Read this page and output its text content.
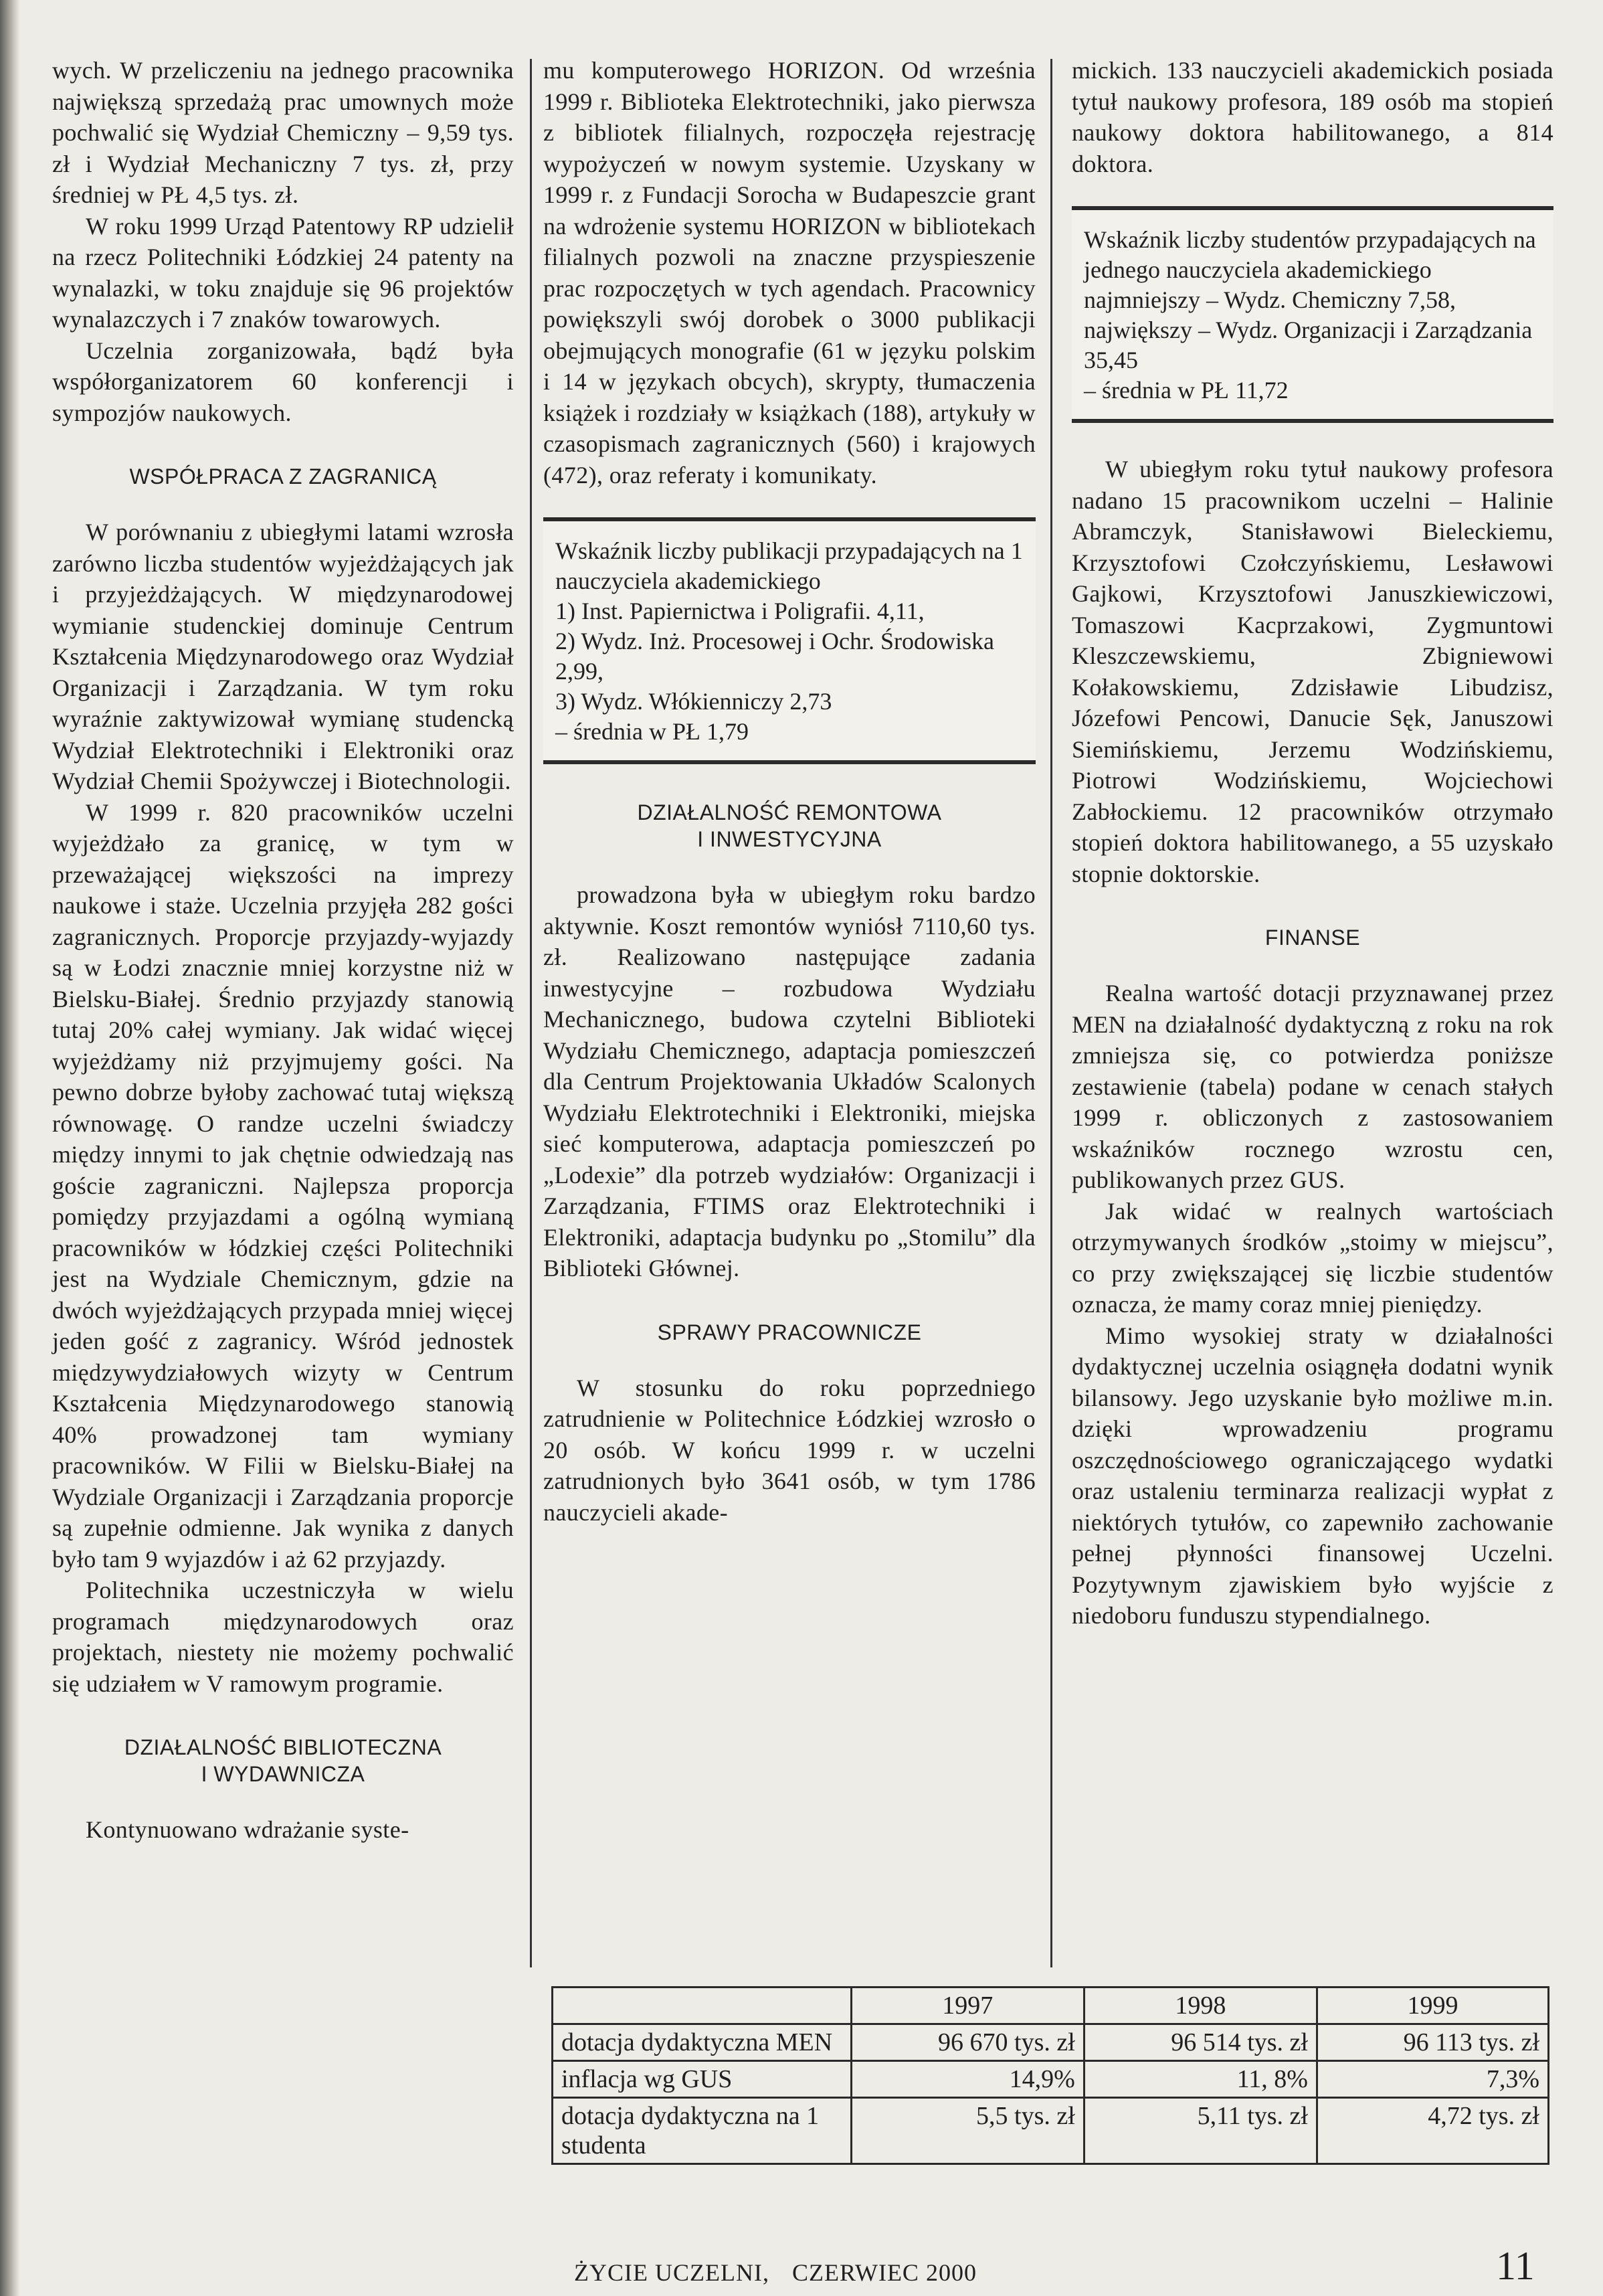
wych. W przeliczeniu na jednego pracownika największą sprzedażą prac umownych może pochwalić się Wydział Chemiczny – 9,59 tys. zł i Wydział Mechaniczny 7 tys. zł, przy średniej w PŁ 4,5 tys. zł.

W roku 1999 Urząd Patentowy RP udzielił na rzecz Politechniki Łódzkiej 24 patenty na wynalazki, w toku znajduje się 96 projektów wynalazczych i 7 znaków towarowych.

Uczelnia zorganizowała, bądź była współorganizatorem 60 konferencji i sympozjów naukowych.

WSPÓŁPRACA Z ZAGRANICĄ

W porównaniu z ubiegłymi latami wzrosła zarówno liczba studentów wyjeżdżających jak i przyjeżdżających. W międzynarodowej wymianie studenckiej dominuje Centrum Kształcenia Międzynarodowego oraz Wydział Organizacji i Zarządzania. W tym roku wyraźnie zaktywizował wymianę studencką Wydział Elektrotechniki i Elektroniki oraz Wydział Chemii Spożywczej i Biotechnologii.

W 1999 r. 820 pracowników uczelni wyjeżdżało za granicę, w tym w przeważającej większości na imprezy naukowe i staże. Uczelnia przyjęła 282 gości zagranicznych. Proporcje przyjazdy-wyjazdy są w Łodzi znacznie mniej korzystne niż w Bielsku-Białej. Średnio przyjazdy stanowią tutaj 20% całej wymiany. Jak widać więcej wyjeżdżamy niż przyjmujemy gości. Na pewno dobrze byłoby zachować tutaj większą równowagę. O randze uczelni świadczy między innymi to jak chętnie odwiedzają nas goście zagraniczni. Najlepsza proporcja pomiędzy przyjazdami a ogólną wymianą pracowników w łódzkiej części Politechniki jest na Wydziale Chemicznym, gdzie na dwóch wyjeżdżających przypada mniej więcej jeden gość z zagranicy. Wśród jednostek międzywydziałowych wizyty w Centrum Kształcenia Międzynarodowego stanowią 40% prowadzonej tam wymiany pracowników. W Filii w Bielsku-Białej na Wydziale Organizacji i Zarządzania proporcje są zupełnie odmienne. Jak wynika z danych było tam 9 wyjazdów i aż 62 przyjazdy.

Politechnika uczestniczyła w wielu programach międzynarodowych oraz projektach, niestety nie możemy pochwalić się udziałem w V ramowym programie.

DZIAŁALNOŚĆ BIBLIOTECZNA
I WYDAWNICZA

Kontynuowano wdrażanie syste-

mu komputerowego HORIZON. Od września 1999 r. Biblioteka Elektrotechniki, jako pierwsza z bibliotek filialnych, rozpoczęła rejestrację wypożyczeń w nowym systemie. Uzyskany w 1999 r. z Fundacji Sorocha w Budapeszcie grant na wdrożenie systemu HORIZON w bibliotekach filialnych pozwoli na znaczne przyspieszenie prac rozpoczętych w tych agendach. Pracownicy powiększyli swój dorobek o 3000 publikacji obejmujących monografie (61 w języku polskim i 14 w językach obcych), skrypty, tłumaczenia książek i rozdziały w książkach (188), artykuły w czasopismach zagranicznych (560) i krajowych (472), oraz referaty i komunikaty.

Wskaźnik liczby publikacji przypadających na 1 nauczyciela akademickiego

1) Inst. Papiernictwa i Poligrafii. 4,11,

2) Wydz. Inż. Procesowej i Ochr. Środowiska 2,99,

3) Wydz. Włókienniczy 2,73

– średnia w PŁ 1,79

DZIAŁALNOŚĆ REMONTOWA
I INWESTYCYJNA

prowadzona była w ubiegłym roku bardzo aktywnie. Koszt remontów wyniósł 7110,60 tys. zł. Realizowano następujące zadania inwestycyjne – rozbudowa Wydziału Mechanicznego, budowa czytelni Biblioteki Wydziału Chemicznego, adaptacja pomieszczeń dla Centrum Projektowania Układów Scalonych Wydziału Elektrotechniki i Elektroniki, miejska sieć komputerowa, adaptacja pomieszczeń po „Lodexie” dla potrzeb wydziałów: Organizacji i Zarządzania, FTIMS oraz Elektrotechniki i Elektroniki, adaptacja budynku po „Stomilu” dla Biblioteki Głównej.

SPRAWY PRACOWNICZE

W stosunku do roku poprzedniego zatrudnienie w Politechnice Łódzkiej wzrosło o 20 osób. W końcu 1999 r. w uczelni zatrudnionych było 3641 osób, w tym 1786 nauczycieli akade-

mickich. 133 nauczycieli akademickich posiada tytuł naukowy profesora, 189 osób ma stopień naukowy doktora habilitowanego, a 814 doktora.

Wskaźnik liczby studentów przypadających na jednego nauczyciela akademickiego

najmniejszy – Wydz. Chemiczny 7,58,

największy – Wydz. Organizacji i Zarządzania 35,45

– średnia w PŁ 11,72

W ubiegłym roku tytuł naukowy profesora nadano 15 pracownikom uczelni – Halinie Abramczyk, Stanisławowi Bieleckiemu, Krzysztofowi Czołczyńskiemu, Lesławowi Gajkowi, Krzysztofowi Januszkiewiczowi, Tomaszowi Kacprzakowi, Zygmuntowi Kleszczewskiemu, Zbigniewowi Kołakowskiemu, Zdzisławie Libudzisz, Józefowi Pencowi, Danucie Sęk, Januszowi Siemińskiemu, Jerzemu Wodzińskiemu, Piotrowi Wodzińskiemu, Wojciechowi Zabłockiemu. 12 pracowników otrzymało stopień doktora habilitowanego, a 55 uzyskało stopnie doktorskie.

FINANSE

Realna wartość dotacji przyznawanej przez MEN na działalność dydaktyczną z roku na rok zmniejsza się, co potwierdza poniższe zestawienie (tabela) podane w cenach stałych 1999 r. obliczonych z zastosowaniem wskaźników rocznego wzrostu cen, publikowanych przez GUS.

Jak widać w realnych wartościach otrzymywanych środków „stoimy w miejscu”, co przy zwiększającej się liczbie studentów oznacza, że mamy coraz mniej pieniędzy.

Mimo wysokiej straty w działalności dydaktycznej uczelnia osiągnęła dodatni wynik bilansowy. Jego uzyskanie było możliwe m.in. dzięki wprowadzeniu programu oszczędnościowego ograniczającego wydatki oraz ustaleniu terminarza realizacji wypłat z niektórych tytułów, co zapewniło zachowanie pełnej płynności finansowej Uczelni. Pozytywnym zjawiskiem było wyjście z niedoboru funduszu stypendialnego.

	1997	1998	1999
dotacja dydaktyczna MEN	96 670 tys. zł	96 514 tys. zł	96 113 tys. zł
inflacja wg GUS	14,9%	11, 8%	7,3%
dotacja dydaktyczna na 1 studenta	5,5 tys. zł	5,11 tys. zł	4,72 tys. zł
ŻYCIE UCZELNI, CZERWIEC 2000	11
